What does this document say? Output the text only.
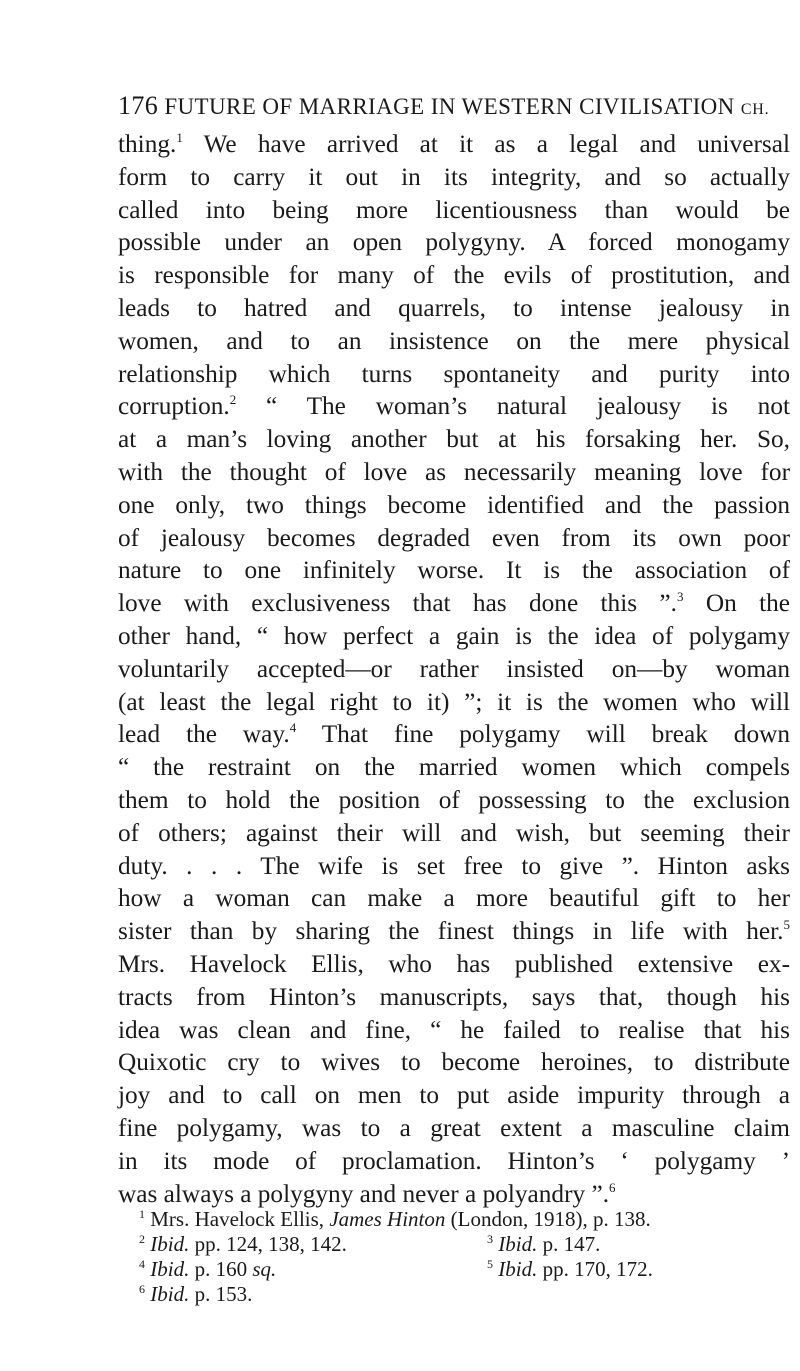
176 FUTURE OF MARRIAGE IN WESTERN CIVILISATION CH.
thing.$^1$ We have arrived at it as a legal and universal
form to carry it out in its integrity, and so actually
called into being more licentiousness than would be
possible under an open polygyny. A forced monogamy
is responsible for many of the evils of prostitution, and
leads to hatred and quarrels, to intense jealousy in
women, and to an insistence on the mere physical
relationship which turns spontaneity and purity into
corruption.$^2$ “ The woman’s natural jealousy is not
at a man’s loving another but at his forsaking her. So,
with the thought of love as necessarily meaning love for
one only, two things become identified and the passion
of jealousy becomes degraded even from its own poor
nature to one infinitely worse. It is the association of
love with exclusiveness that has done this ”.$^3$ On the
other hand, “ how perfect a gain is the idea of polygamy
voluntarily accepted—or rather insisted on—by woman
(at least the legal right to it) ”; it is the women who will
lead the way.$^4$ That fine polygamy will break down
“ the restraint on the married women which compels
them to hold the position of possessing to the exclusion
of others; against their will and wish, but seeming their
duty. . . . The wife is set free to give ”. Hinton asks
how a woman can make a more beautiful gift to her
sister than by sharing the finest things in life with her.$^5$
Mrs. Havelock Ellis, who has published extensive ex-
tracts from Hinton’s manuscripts, says that, though his
idea was clean and fine, “ he failed to realise that his
Quixotic cry to wives to become heroines, to distribute
joy and to call on men to put aside impurity through a
fine polygamy, was to a great extent a masculine claim
in its mode of proclamation. Hinton’s ‘ polygamy ’
was always a polygyny and never a polyandry ”.$^6$
$^1$ Mrs. Havelock Ellis, James Hinton (London, 1918), p. 138.
$^2$ Ibid. pp. 124, 138, 142.	$^3$ Ibid. p. 147.
$^4$ Ibid. p. 160 sq.	$^5$ Ibid. pp. 170, 172.
$^6$ Ibid. p. 153.
